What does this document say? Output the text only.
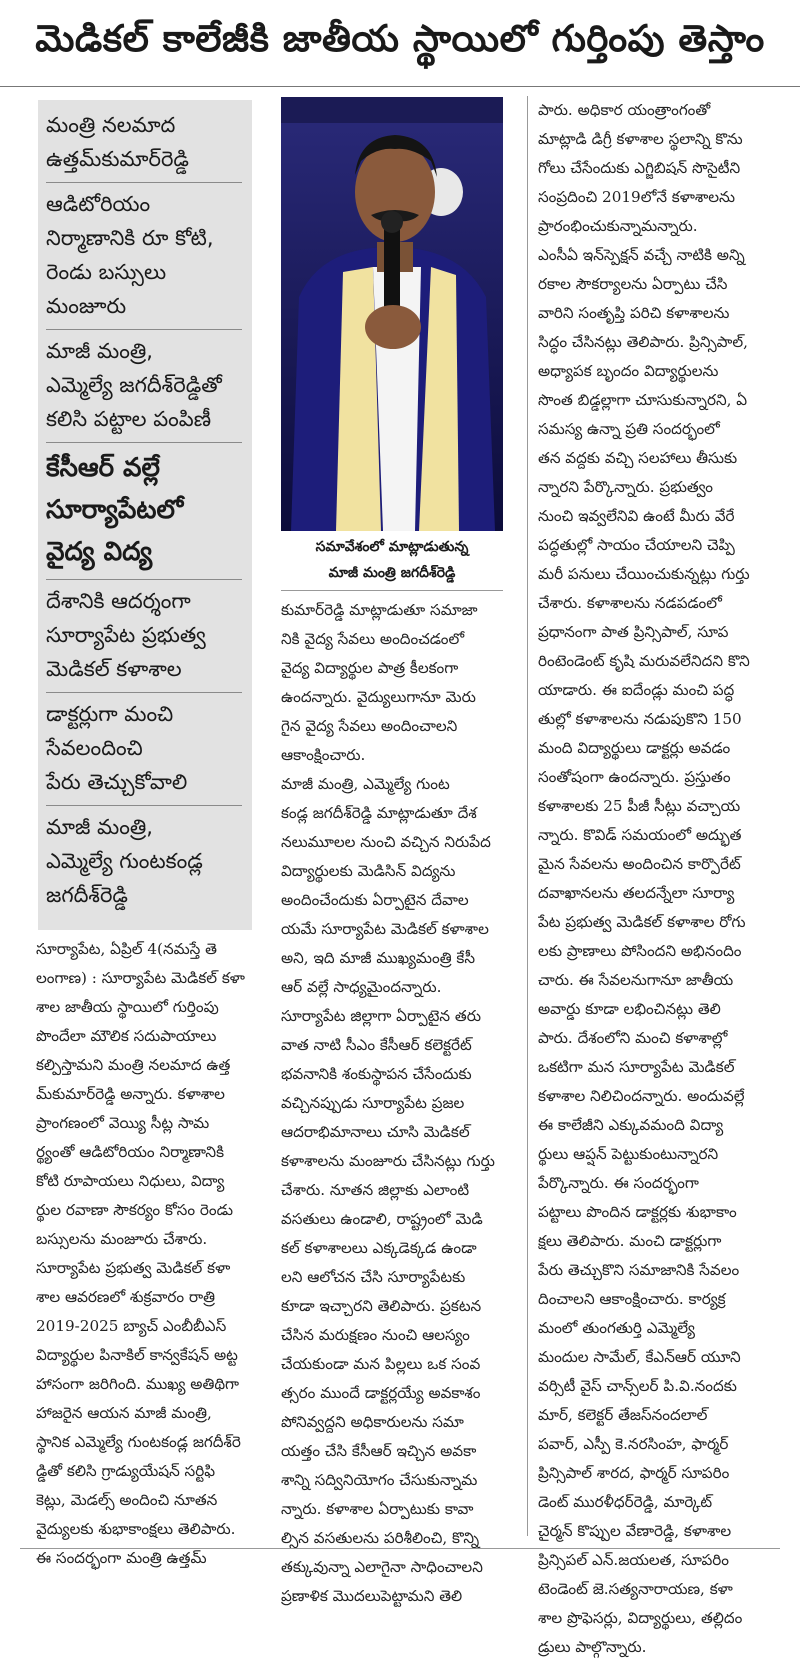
మెడికల్ కాలేజీకి జాతీయ స్థాయిలో గుర్తింపు తెస్తాం
మంత్రి నలమాద
ఉత్తమ్‌కుమార్‌రెడ్డి
ఆడిటోరియం
నిర్మాణానికి రూ కోటి,
రెండు బస్సులు
మంజూరు
మాజీ మంత్రి,
ఎమ్మెల్యే జగదీశ్‌రెడ్డితో
కలిసి పట్టాల పంపిణీ
కేసీఆర్ వల్లే
సూర్యాపేటలో
వైద్య విద్య
దేశానికి ఆదర్శంగా
సూర్యాపేట ప్రభుత్వ
మెడికల్ కళాశాల
డాక్టర్లుగా మంచి
సేవలందించి
పేరు తెచ్చుకోవాలి
మాజీ మంత్రి,
ఎమ్మెల్యే గుంటకండ్ల
జగదీశ్‌రెడ్డి
సమావేశంలో మాట్లాడుతున్న
మాజీ మంత్రి జగదీశ్‌రెడ్డి
సూర్యాపేట, ఏప్రిల్ 4(నమస్తే తె
లంగాణ) : సూర్యాపేట మెడికల్ కళా
శాల జాతీయ స్థాయిలో గుర్తింపు
పొందేలా మౌలిక సదుపాయాలు
కల్పిస్తామని మంత్రి నలమాద ఉత్త
మ్‌కుమార్‌రెడ్డి అన్నారు. కళాశాల
ప్రాంగణంలో వెయ్యి సీట్ల సామ
ర్థ్యంతో ఆడిటోరియం నిర్మాణానికి
కోటి రూపాయలు నిధులు, విద్యా
ర్థుల రవాణా సౌకర్యం కోసం రెండు
బస్సులను మంజూరు చేశారు.
సూర్యాపేట ప్రభుత్వ మెడికల్ కళా
శాల ఆవరణలో శుక్రవారం రాత్రి
2019-2025 బ్యాచ్ ఎంబీబీఎస్
విద్యార్థుల పినాకిల్ కాన్వకేషన్ అట్ట
హాసంగా జరిగింది. ముఖ్య అతిథిగా
హాజరైన ఆయన మాజీ మంత్రి,
స్థానిక ఎమ్మెల్యే గుంటకండ్ల జగదీశ్‌రె
డ్డితో కలిసి గ్రాడ్యుయేషన్ సర్టిఫి
కెట్లు, మెడల్స్ అందించి నూతన
వైద్యులకు శుభాకాంక్షలు తెలిపారు.
ఈ సందర్భంగా మంత్రి ఉత్తమ్
కుమార్‌రెడ్డి మాట్లాడుతూ సమాజా
నికి వైద్య సేవలు అందించడంలో
వైద్య విద్యార్థుల పాత్ర కీలకంగా
ఉందన్నారు. వైద్యులుగానూ మెరు
గైన వైద్య సేవలు అందించాలని
ఆకాంక్షించారు.
మాజీ మంత్రి, ఎమ్మెల్యే గుంట
కండ్ల జగదీశ్‌రెడ్డి మాట్లాడుతూ దేశ
నలుమూలల నుంచి వచ్చిన నిరుపేద
విద్యార్థులకు మెడిసిన్ విద్యను
అందించేందుకు ఏర్పాటైన దేవాల
యమే సూర్యాపేట మెడికల్ కళాశాల
అని, ఇది మాజీ ముఖ్యమంత్రి కేసీ
ఆర్ వల్లే సాధ్యమైందన్నారు.
సూర్యాపేట జిల్లాగా ఏర్పాటైన తరు
వాత నాటి సీఎం కేసీఆర్ కలెక్టరేట్
భవనానికి శంకుస్థాపన చేసేందుకు
వచ్చినప్పుడు సూర్యాపేట ప్రజల
ఆదరాభిమానాలు చూసి మెడికల్
కళాశాలను మంజూరు చేసినట్లు గుర్తు
చేశారు. నూతన జిల్లాకు ఎలాంటి
వసతులు ఉండాలి, రాష్ట్రంలో మెడి
కల్ కళాశాలలు ఎక్కడెక్కడ ఉండా
లని ఆలోచన చేసి సూర్యాపేటకు
కూడా ఇచ్చారని తెలిపారు. ప్రకటన
చేసిన మరుక్షణం నుంచి ఆలస్యం
చేయకుండా మన పిల్లలు ఒక సంవ
త్సరం ముందే డాక్టర్లయ్యే అవకాశం
పోనివ్వద్దని అధికారులను సమా
యత్తం చేసి కేసీఆర్ ఇచ్చిన అవకా
శాన్ని సద్వినియోగం చేసుకున్నామ
న్నారు. కళాశాల ఏర్పాటుకు కావా
ల్సిన వసతులను పరిశీలించి, కొన్ని
తక్కువున్నా ఎలాగైనా సాధించాలని
ప్రణాళిక మొదలుపెట్టామని తెలి
పారు. అధికార యంత్రాంగంతో
మాట్లాడి డిగ్రీ కళాశాల స్థలాన్ని కొను
గోలు చేసేందుకు ఎగ్జిబిషన్ సొసైటీని
సంప్రదించి 2019లోనే కళాశాలను
ప్రారంభించుకున్నామన్నారు.
ఎంసీఏ ఇన్‌స్పెక్షన్ వచ్చే నాటికి అన్ని
రకాల సౌకర్యాలను ఏర్పాటు చేసి
వారిని సంతృప్తి పరిచి కళాశాలను
సిద్ధం చేసినట్లు తెలిపారు. ప్రిన్సిపాల్,
అధ్యాపక బృందం విద్యార్థులను
సొంత బిడ్డల్లాగా చూసుకున్నారని, ఏ
సమస్య ఉన్నా ప్రతి సందర్భంలో
తన వద్దకు వచ్చి సలహాలు తీసుకు
న్నారని పేర్కొన్నారు. ప్రభుత్వం
నుంచి ఇవ్వలేనివి ఉంటే మీరు వేరే
పద్ధతుల్లో సాయం చేయాలని చెప్పి
మరీ పనులు చేయించుకున్నట్లు గుర్తు
చేశారు. కళాశాలను నడపడంలో
ప్రధానంగా పాత ప్రిన్సిపాల్, సూప
రింటెండెంట్ కృషి మరువలేనిదని కొని
యాడారు. ఈ ఐదేండ్లు మంచి పద్ధ
తుల్లో కళాశాలను నడుపుకొని 150
మంది విద్యార్థులు డాక్టర్లు అవడం
సంతోషంగా ఉందన్నారు. ప్రస్తుతం
కళాశాలకు 25 పీజీ సీట్లు వచ్చాయ
న్నారు. కొవిడ్ సమయంలో అద్భుత
మైన సేవలను అందించిన కార్పొరేట్
దవాఖానలను తలదన్నేలా సూర్యా
పేట ప్రభుత్వ మెడికల్ కళాశాల రోగు
లకు ప్రాణాలు పోసిందని అభినందిం
చారు. ఈ సేవలనుగానూ జాతీయ
అవార్డు కూడా లభించినట్లు తెలి
పారు. దేశంలోని మంచి కళాశాల్లో
ఒకటిగా మన సూర్యాపేట మెడికల్
కళాశాల నిలిచిందన్నారు. అందువల్లే
ఈ కాలేజీని ఎక్కువమంది విద్యా
ర్థులు ఆప్షన్ పెట్టుకుంటున్నారని
పేర్కొన్నారు. ఈ సందర్భంగా
పట్టాలు పొందిన డాక్టర్లకు శుభాకాం
క్షలు తెలిపారు. మంచి డాక్టర్లుగా
పేరు తెచ్చుకొని సమాజానికి సేవలం
దించాలని ఆకాంక్షించారు. కార్యక్ర
మంలో తుంగతుర్తి ఎమ్మెల్యే
మందుల సామేల్, కేఎన్‌ఆర్ యూని
వర్సిటీ వైస్ చాన్స్‌లర్ పి.వి.నందకు
మార్, కలెక్టర్ తేజస్‌నందలాల్
పవార్, ఎస్పీ కె.నరసింహ, ఫార్మర్
ప్రిన్సిపాల్ శారద, ఫార్మర్ సూపరిం
డెంట్ మురళీధర్‌రెడ్డి, మార్కెట్
చైర్మన్ కొప్పుల వేణారెడ్డి, కళాశాల
ప్రిన్సిపల్ ఎన్.జయలత, సూపరిం
టెండెంట్ జె.సత్యనారాయణ, కళా
శాల ప్రొఫెసర్లు, విద్యార్థులు, తల్లిదం
డ్రులు పాల్గొన్నారు.
